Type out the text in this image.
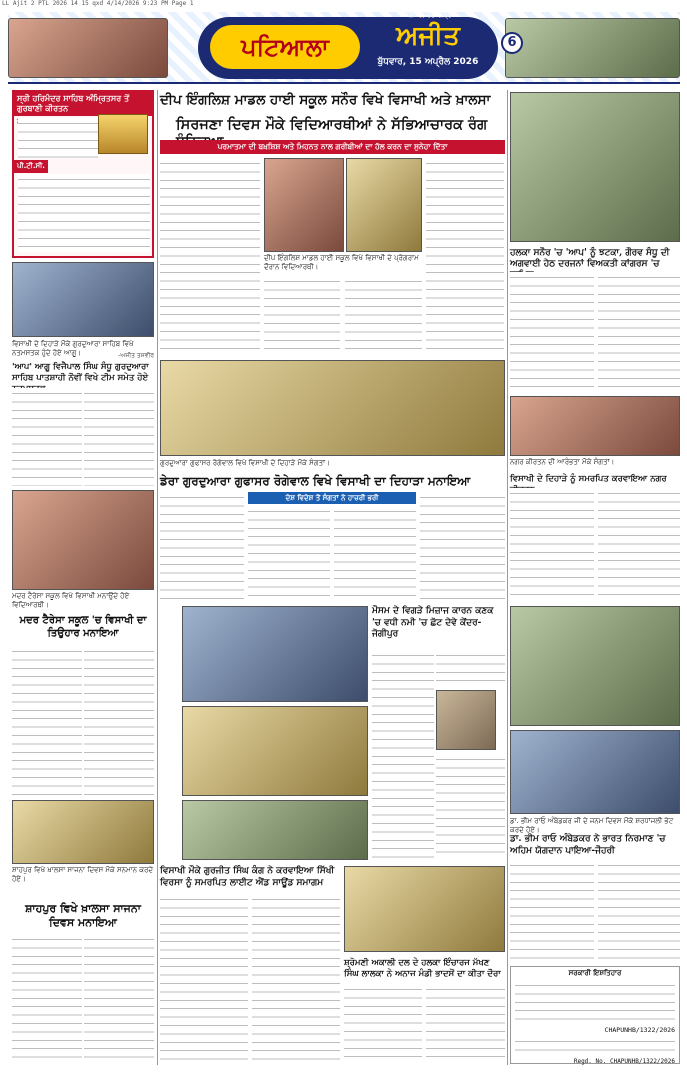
LL Ajit 2 PTL 2026 14 15 qxd 4/14/2026 9:23 PM Page 1
ਪਟਿਆਲਾ
ਜਲੰਧਰ, ਚੰਡੀਗੜ੍ਹ
ਅਜੀਤ
ਬੁੱਧਵਾਰ, 15 ਅਪ੍ਰੈਲ 2026
6
ਸ੍ਰੀ ਹਰਿਮੰਦਰ ਸਾਹਿਬ ਅੰਮ੍ਰਿਤਸਰ ਤੋਂ ਗੁਰਬਾਣੀ ਕੀਰਤਨ
ਪੀ.ਟੀ.ਸੀ.
ਦੀਪ ਇੰਗਲਿਸ਼ ਮਾਡਲ ਹਾਈ ਸਕੂਲ ਸਨੌਰ ਵਿਖੇ ਵਿਸਾਖੀ ਅਤੇ ਖ਼ਾਲਸਾ
ਸਿਰਜਣਾ ਦਿਵਸ ਮੌਕੇ ਵਿਦਿਆਰਥੀਆਂ ਨੇ ਸੱਭਿਆਚਾਰਕ ਰੰਗ
ਪਰਮਾਤਮਾ ਦੀ ਬਖ਼ਸ਼ਿਸ਼ ਅਤੇ ਮਿਹਨਤ ਨਾਲ ਗਰੀਬੀਆਂ ਦਾ ਹੱਲ ਕਰਨ ਦਾ ਸੁਨੇਹਾ ਦਿੱਤਾ
ਦੀਪ ਇੰਗਲਿਸ਼ ਮਾਡਲ ਹਾਈ ਸਕੂਲ ਵਿਖੇ ਵਿਸਾਖੀ ਦੇ ਪ੍ਰੋਗਰਾਮ ਦੌਰਾਨ ਵਿਦਿਆਰਥੀ।
ਹਲਕਾ ਸਨੌਰ 'ਚ 'ਆਪ' ਨੂੰ ਝਟਕਾ, ਗੌਰਵ ਸੰਧੂ ਦੀ ਅਗਵਾਈ ਹੇਠ ਦਰਜਨਾਂ ਵਿਅਕਤੀ ਕਾਂਗਰਸ 'ਚ
ਵਿਸਾਖੀ ਦੇ ਦਿਹਾੜੇ ਮੌਕੇ ਗੁਰਦੁਆਰਾ ਸਾਹਿਬ ਵਿਖੇ ਨਤਮਸਤਕ ਹੁੰਦੇ ਹੋਏ ਆਗੂ।	-ਅਜੀਤ ਤਸਵੀਰ
'ਆਪ' ਆਗੂ ਵਿਜੈਪਾਲ ਸਿੰਘ ਸੰਧੂ ਗੁਰਦੁਆਰਾ ਸਾਹਿਬ ਪਾਤਸ਼ਾਹੀ ਨੌਵੀਂ ਵਿਖੇ ਟੀਮ ਸਮੇਤ ਹੋਏ
ਗੁਰਦੁਆਰਾ ਗੁਫਾਸਰ ਰੋਗੇਵਾਲ ਵਿਖੇ ਵਿਸਾਖੀ ਦੇ ਦਿਹਾੜੇ ਮੌਕੇ ਸੰਗਤਾਂ।
ਡੇਰਾ ਗੁਰਦੁਆਰਾ ਗੁਫਾਸਰ ਰੋਗੇਵਾਲ ਵਿਖੇ ਵਿਸਾਖੀ ਦਾ ਦਿਹਾੜਾ ਮਨਾਇਆ
ਦੇਸ਼ ਵਿਦੇਸ਼ ਤੋਂ ਸੰਗਤਾਂ ਨੇ ਹਾਜ਼ਰੀ ਭਰੀ
ਨਗਰ ਕੀਰਤਨ ਦੀ ਆਰੰਭਤਾ ਮੌਕੇ ਸੰਗਤਾਂ।
ਵਿਸਾਖੀ ਦੇ ਦਿਹਾੜੇ ਨੂੰ ਸਮਰਪਿਤ ਕਰਵਾਇਆ ਨਗਰ
ਮਦਰ ਟੈਰੇਸਾ ਸਕੂਲ ਵਿਖੇ ਵਿਸਾਖੀ ਮਨਾਉਂਦੇ ਹੋਏ ਵਿਦਿਆਰਥੀ।
ਮਦਰ ਟੈਰੇਸਾ ਸਕੂਲ 'ਚ ਵਿਸਾਖੀ ਦਾ ਤਿਉਹਾਰ ਮਨਾਇਆ
ਮੌਸਮ ਦੇ ਵਿਗੜੇ ਮਿਜ਼ਾਜ ਕਾਰਨ ਕਣਕ 'ਚ ਵਧੀ ਨਮੀ 'ਚ ਛੋਟ ਦੇਵੇ ਕੇਂਦਰ-ਜੋਗੀਪੁਰ
ਡਾ. ਭੀਮ ਰਾਓ ਅੰਬੇਡਕਰ ਜੀ ਦੇ ਜਨਮ ਦਿਵਸ ਮੌਕੇ ਸ਼ਰਧਾਂਜਲੀ ਭੇਟ ਕਰਦੇ ਹੋਏ।
ਡਾ. ਭੀਮ ਰਾਓ ਅੰਬੇਡਕਰ ਨੇ ਭਾਰਤ ਨਿਰਮਾਣ 'ਚ ਅਹਿਮ ਯੋਗਦਾਨ ਪਾਇਆ-ਜੌਹਰੀ
ਸ਼ਾਹਪੁਰ ਵਿਖੇ ਖ਼ਾਲਸਾ ਸਾਜਨਾ ਦਿਵਸ ਮੌਕੇ ਸਨਮਾਨ ਕਰਦੇ ਹੋਏ।
ਸ਼ਾਹਪੁਰ ਵਿਖੇ ਖ਼ਾਲਸਾ ਸਾਜਨਾ ਦਿਵਸ ਮਨਾਇਆ
ਵਿਸਾਖੀ ਮੌਕੇ ਗੁਰਜੀਤ ਸਿੰਘ ਕੰਗ ਨੇ ਕਰਵਾਇਆ ਸਿੱਖੀ ਵਿਰਸਾ ਨੂੰ ਸਮਰਪਿਤ ਲਾਈਟ ਐਂਡ ਸਾਊਂਡ ਸਮਾਗਮ
ਸ਼੍ਰੋਮਣੀ ਅਕਾਲੀ ਦਲ ਦੇ ਹਲਕਾ ਇੰਚਾਰਜ ਮੱਖਣ ਸਿੰਘ ਲਾਲਕਾ ਨੇ ਅਨਾਜ ਮੰਡੀ ਭਾਦਸੋਂ ਦਾ ਕੀਤਾ ਦੌਰਾ	ਸਰਕਾਰੀ ਇਸ਼ਤਿਹਾਰ
CHAPUNHB/1322/2026
Regd. No. CHAPUNHB/1322/2026
